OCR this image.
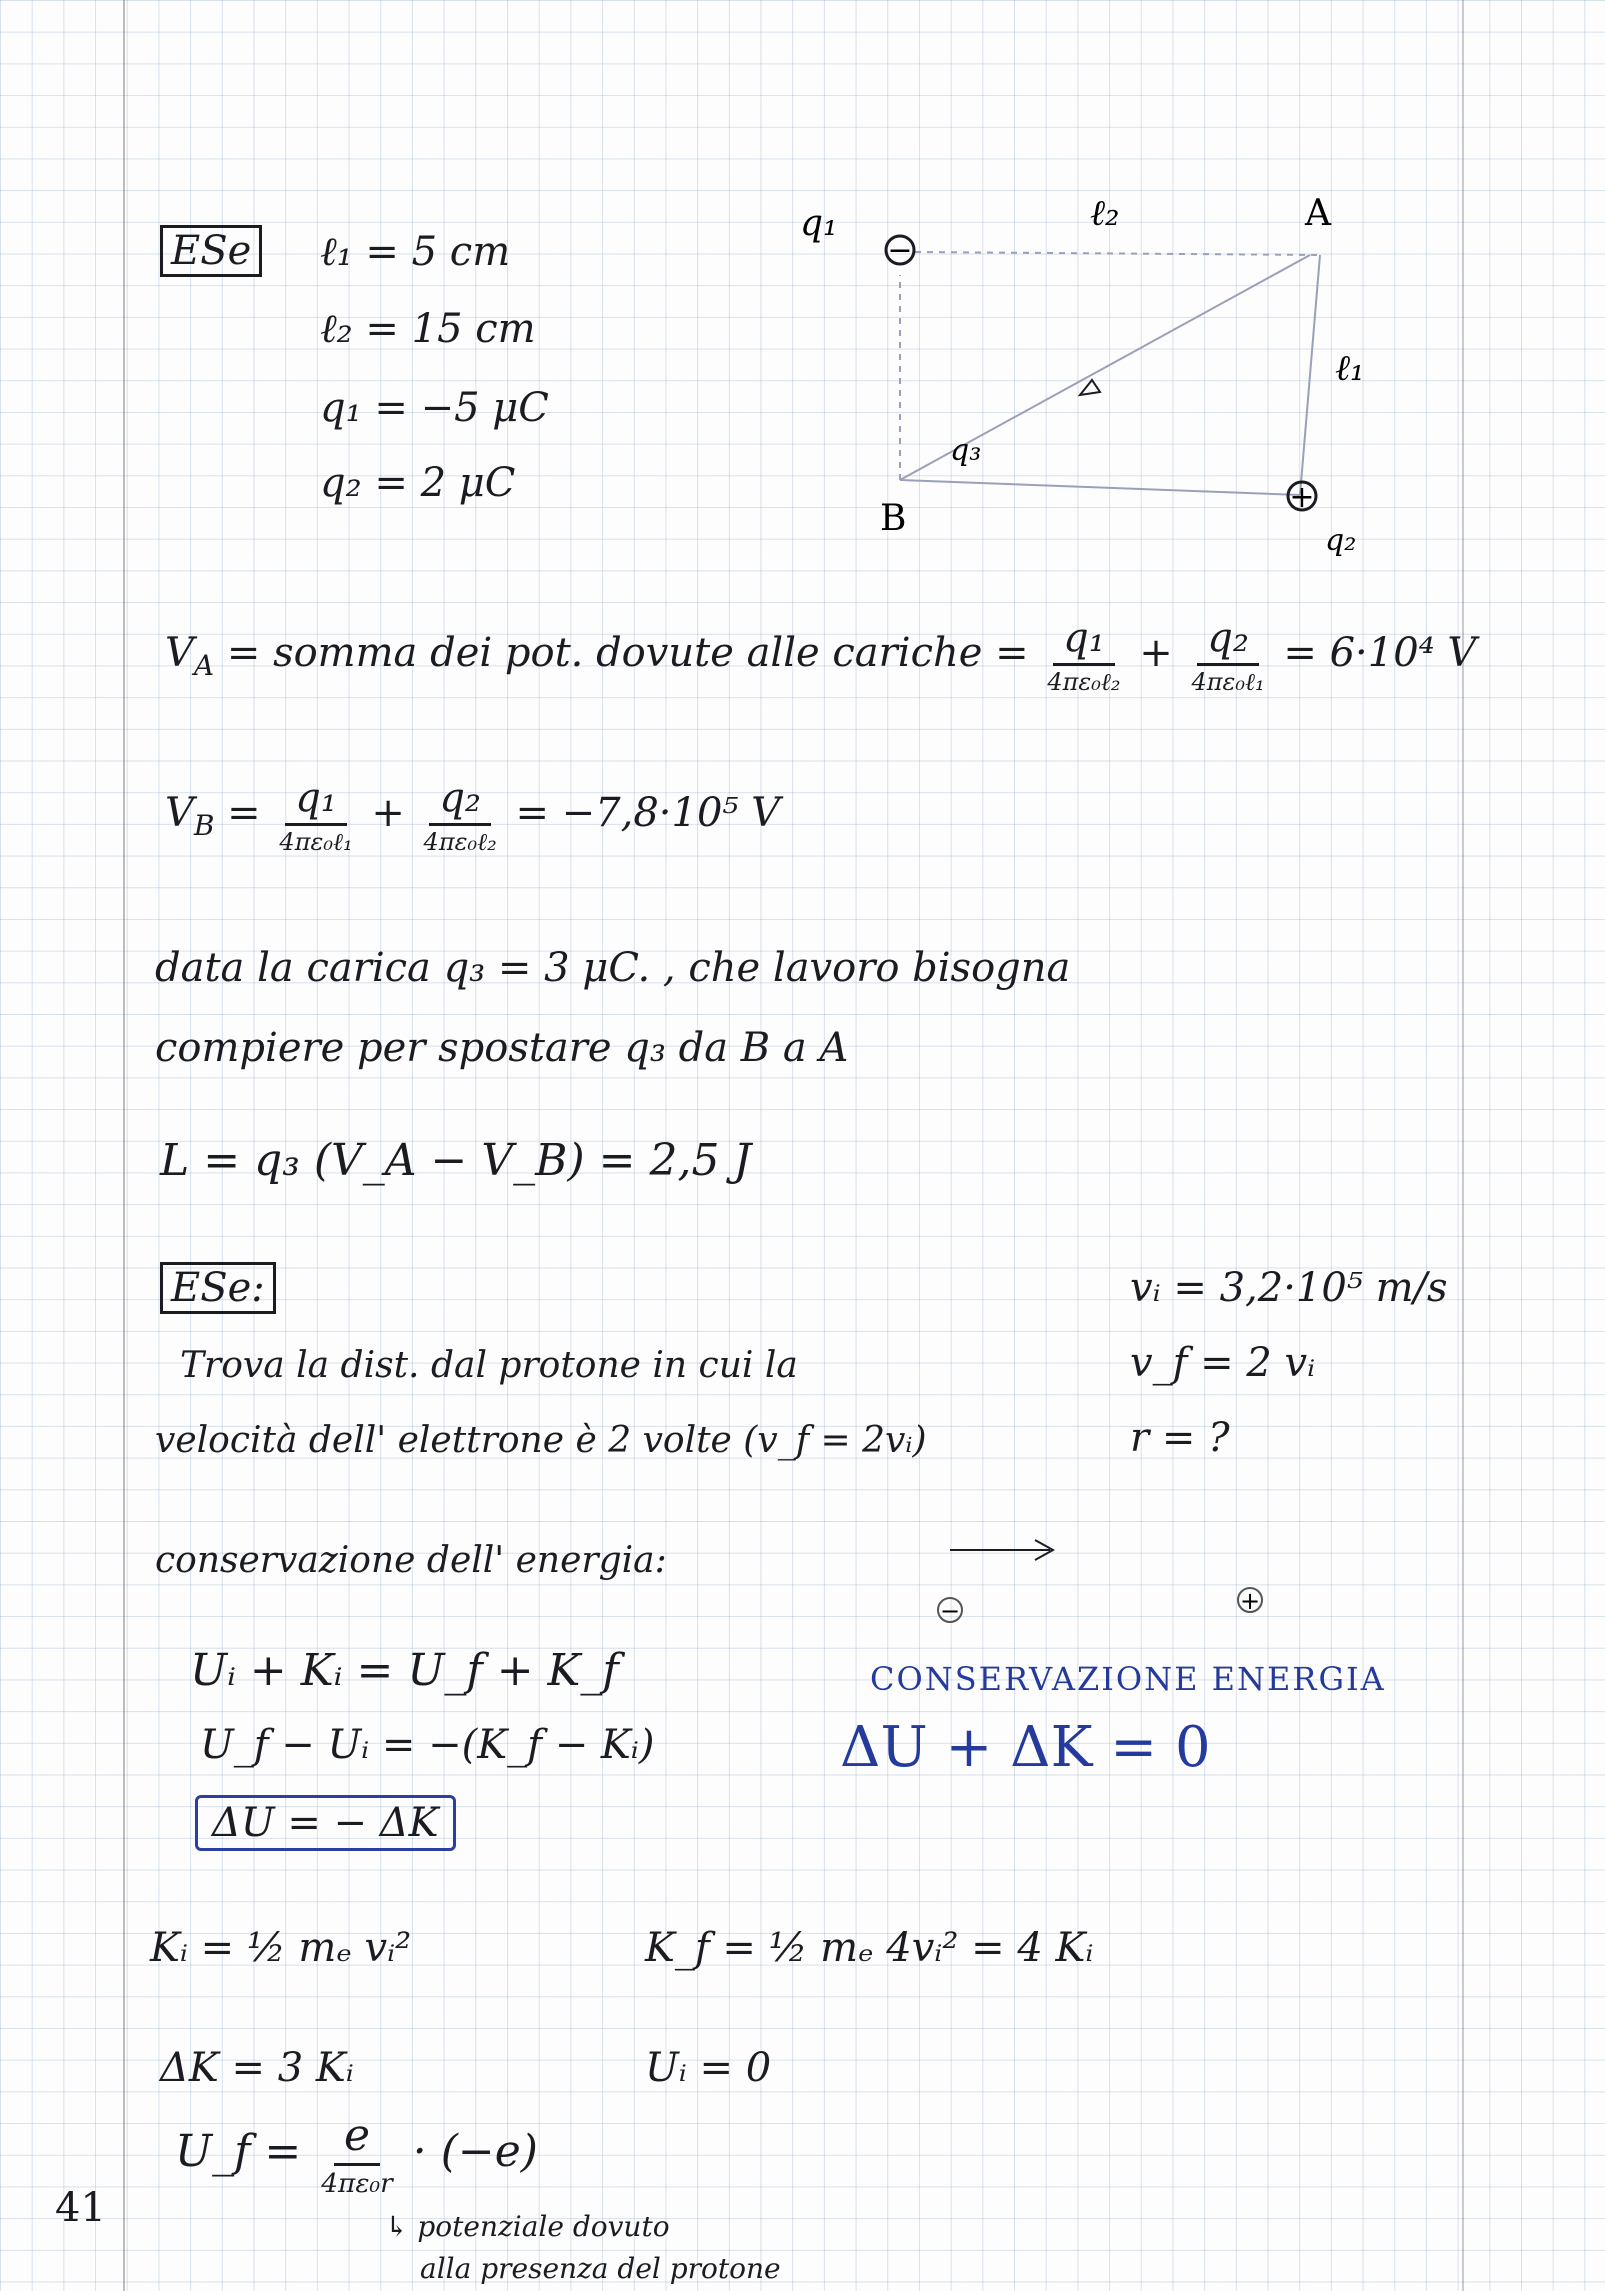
ESe ℓ₁ = 5 cm
ℓ₂ = 15 cm
q₁ = −5 μC
q₂ = 2 μC
−
+
q₁	ℓ₂	A
ℓ₁
q₃
B
q₂
$V_A$ = somma dei pot. dovute alle cariche = $\frac{\text{q₁}}{\text{4πε₀ℓ₂}} + \frac{\text{q₂}}{\text{4πε₀ℓ₁}} = 6\cdot 10^4$ V
$V_B = \frac{\text{q₁}}{\text{4πε₀ℓ₁}} + \frac{\text{q₂}}{\text{4πε₀ℓ₂}} = -7,8\cdot 10^5$ V
data la carica q₃ = 3 μC. , che lavoro bisogna
compiere per spostare q₃ da B a A
L = q₃ (V_A − V_B) = 2,5 J
ESe:	vᵢ = 3,2·10⁵ m/s
v_f = 2 vᵢ
r = ?
Trova la dist. dal protone in cui la
velocità dell' elettrone è 2 volte (v_f = 2vᵢ)
conservazione dell' energia:
−	+
Uᵢ + Kᵢ = U_f + K_f
U_f − Uᵢ = −(K_f − Kᵢ)
ΔU = − ΔK
CONSERVAZIONE ENERGIA
ΔU + ΔK = 0
Kᵢ = ½ mₑ vᵢ²	K_f = ½ mₑ 4vᵢ² = 4 Kᵢ
ΔK = 3 Kᵢ	Uᵢ = 0
U_f = $\frac{e}{\text{4πε₀r}} \cdot (-e)$
↳ potenziale dovuto
alla presenza del protone
41
